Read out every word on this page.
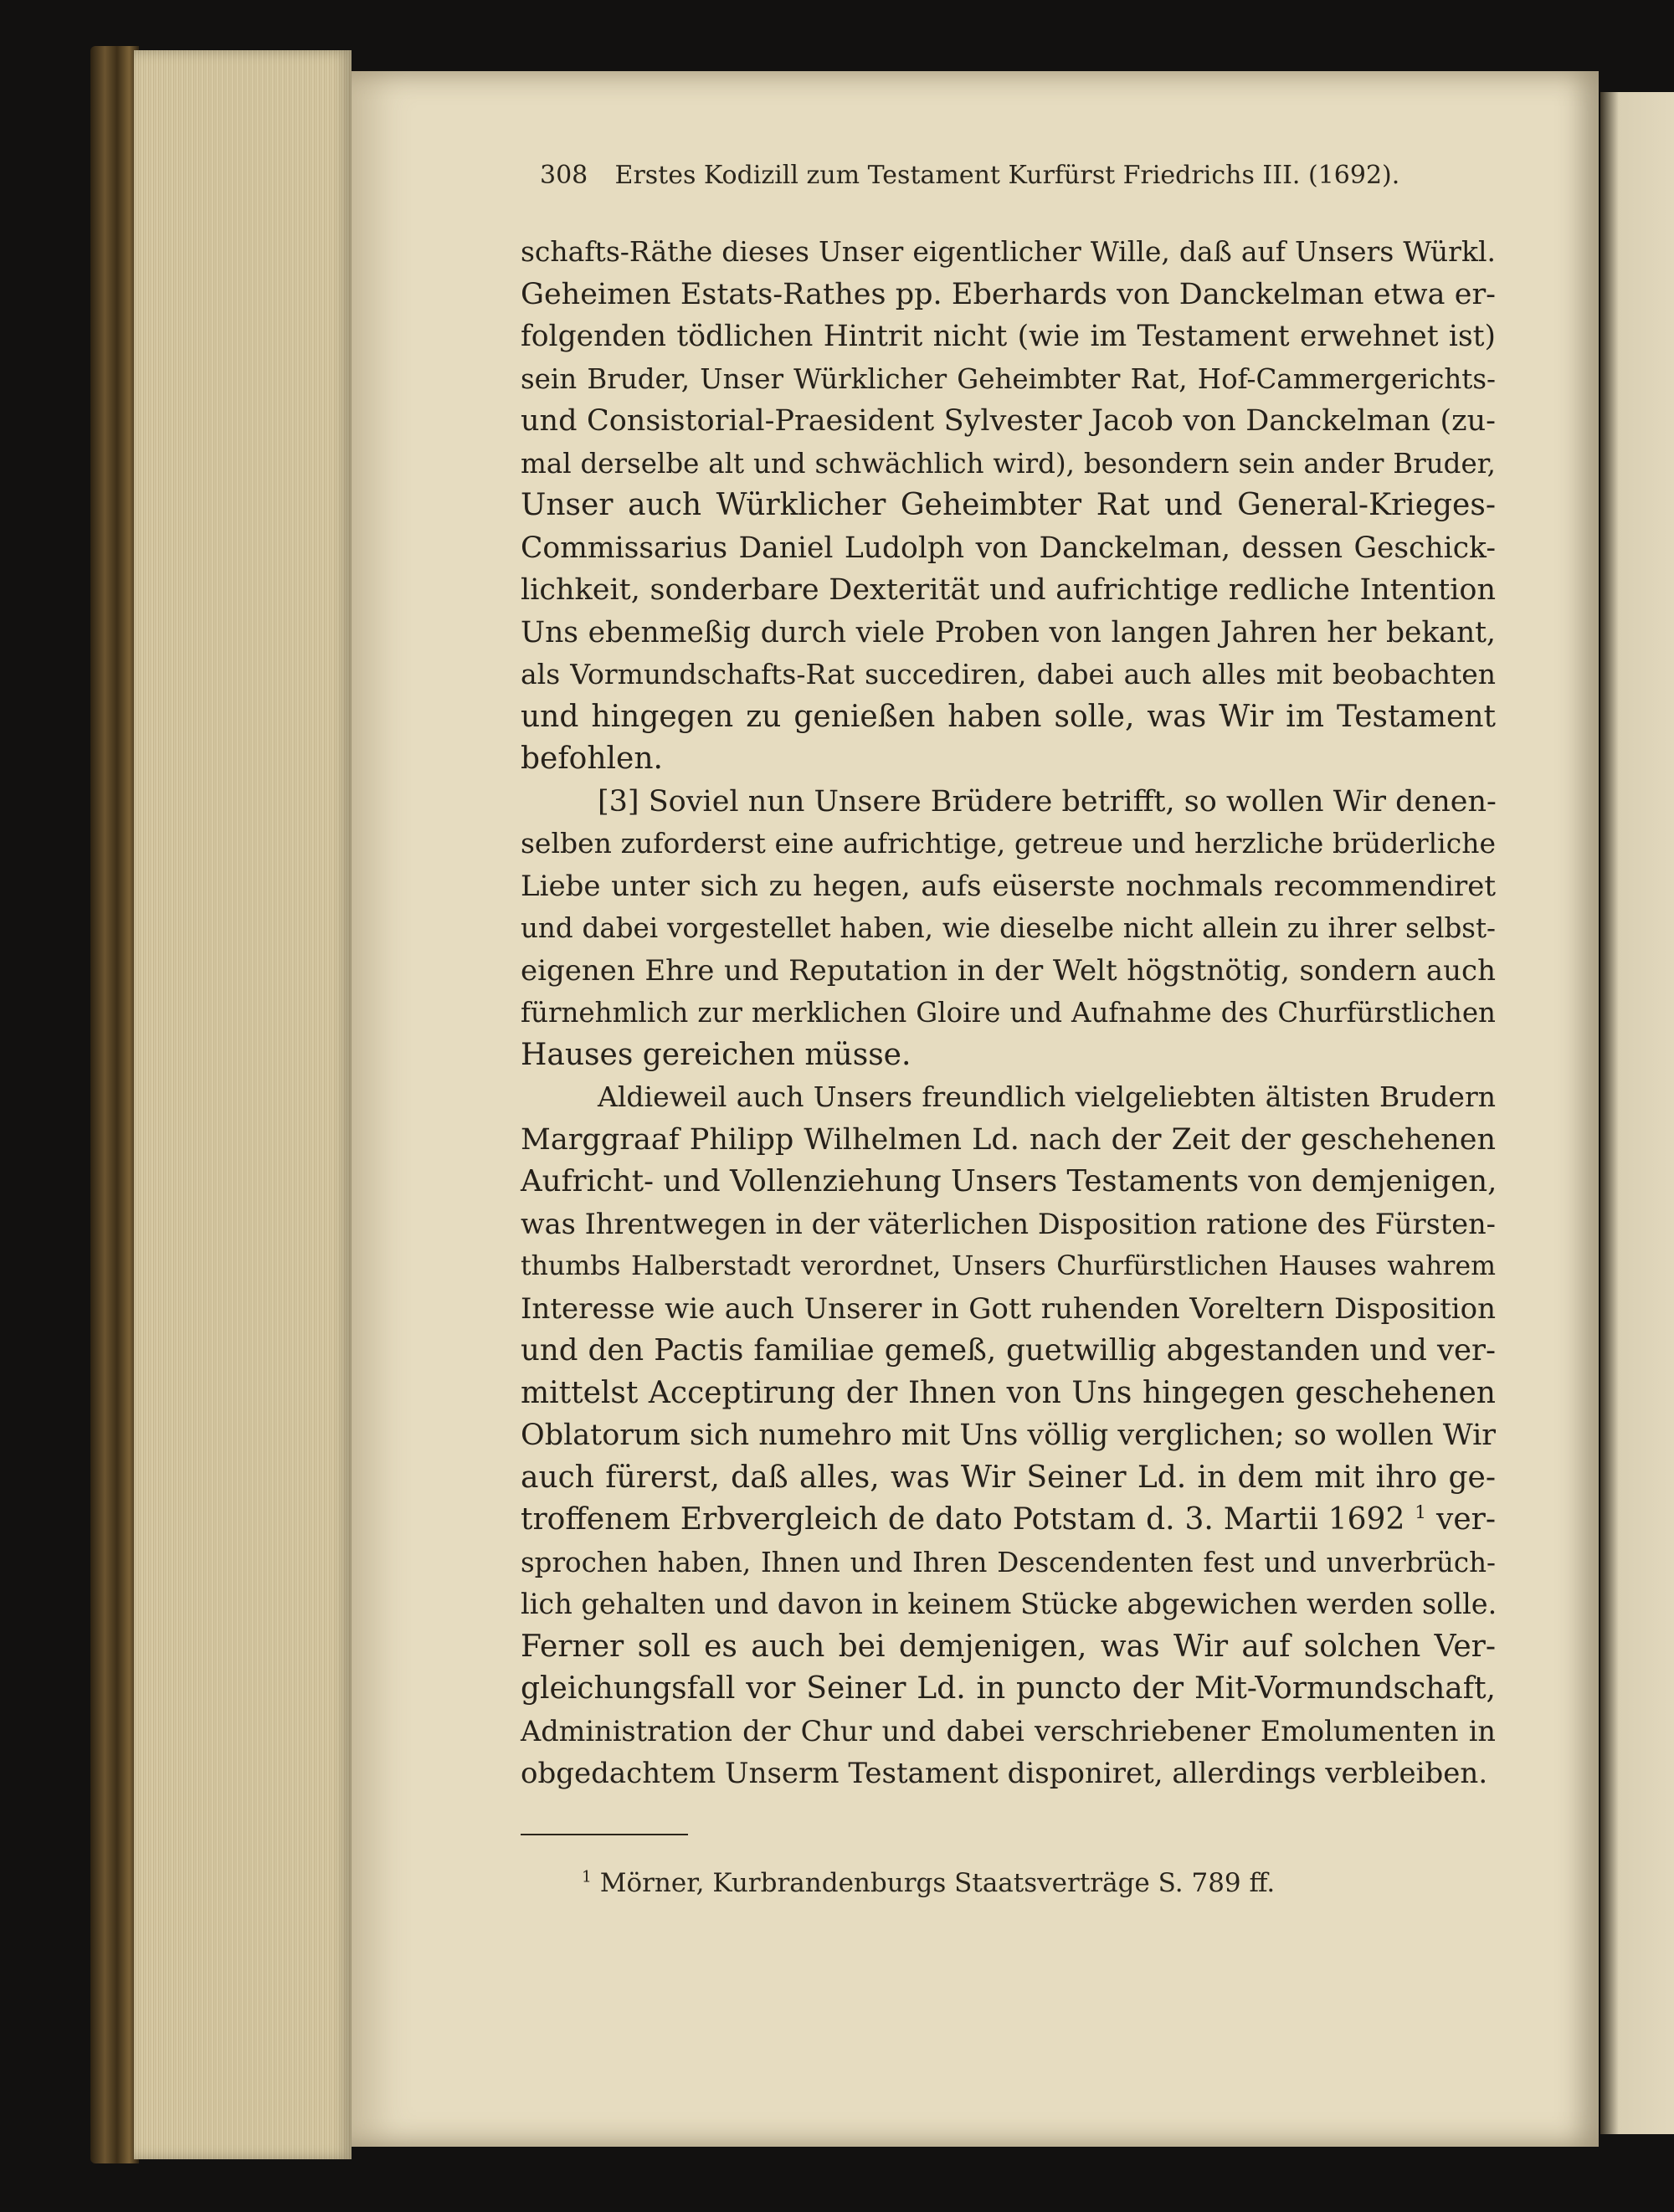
308 Erstes Kodizill zum Testament Kurfürst Friedrichs III. (1692).
schafts-Räthe dieses Unser eigentlicher Wille, daß auf Unsers Würkl.
Geheimen Estats-Rathes pp. Eberhards von Danckelman etwa er-
folgenden tödlichen Hintrit nicht (wie im Testament erwehnet ist)
sein Bruder, Unser Würklicher Geheimbter Rat, Hof-Cammergerichts-
und Consistorial-Praesident Sylvester Jacob von Danckelman (zu-
mal derselbe alt und schwächlich wird), besondern sein ander Bruder,
Unser auch Würklicher Geheimbter Rat und General-Krieges-
Commissarius Daniel Ludolph von Danckelman, dessen Geschick-
lichkeit, sonderbare Dexterität und aufrichtige redliche Intention
Uns ebenmeßig durch viele Proben von langen Jahren her bekant,
als Vormundschafts-Rat succediren, dabei auch alles mit beobachten
und hingegen zu genießen haben solle, was Wir im Testament
befohlen.
[3] Soviel nun Unsere Brüdere betrifft, so wollen Wir denen-
selben zuforderst eine aufrichtige, getreue und herzliche brüderliche
Liebe unter sich zu hegen, aufs eüserste nochmals recommendiret
und dabei vorgestellet haben, wie dieselbe nicht allein zu ihrer selbst-
eigenen Ehre und Reputation in der Welt högstnötig, sondern auch
fürnehmlich zur merklichen Gloire und Aufnahme des Churfürstlichen
Hauses gereichen müsse.
Aldieweil auch Unsers freundlich vielgeliebten ältisten Brudern
Marggraaf Philipp Wilhelmen Ld. nach der Zeit der geschehenen
Aufricht- und Vollenziehung Unsers Testaments von demjenigen,
was Ihrentwegen in der väterlichen Disposition ratione des Fürsten-
thumbs Halberstadt verordnet, Unsers Churfürstlichen Hauses wahrem
Interesse wie auch Unserer in Gott ruhenden Voreltern Disposition
und den Pactis familiae gemeß, guetwillig abgestanden und ver-
mittelst Acceptirung der Ihnen von Uns hingegen geschehenen
Oblatorum sich numehro mit Uns völlig verglichen; so wollen Wir
auch fürerst, daß alles, was Wir Seiner Ld. in dem mit ihro ge-
troffenem Erbvergleich de dato Potstam d. 3. Martii 1692 $^1$ ver-
sprochen haben, Ihnen und Ihren Descendenten fest und unverbrüch-
lich gehalten und davon in keinem Stücke abgewichen werden solle.
Ferner soll es auch bei demjenigen, was Wir auf solchen Ver-
gleichungsfall vor Seiner Ld. in puncto der Mit-Vormundschaft,
Administration der Chur und dabei verschriebener Emolumenten in
obgedachtem Unserm Testament disponiret, allerdings verbleiben.
$^1$ Mörner, Kurbrandenburgs Staatsverträge S. 789 ff.
